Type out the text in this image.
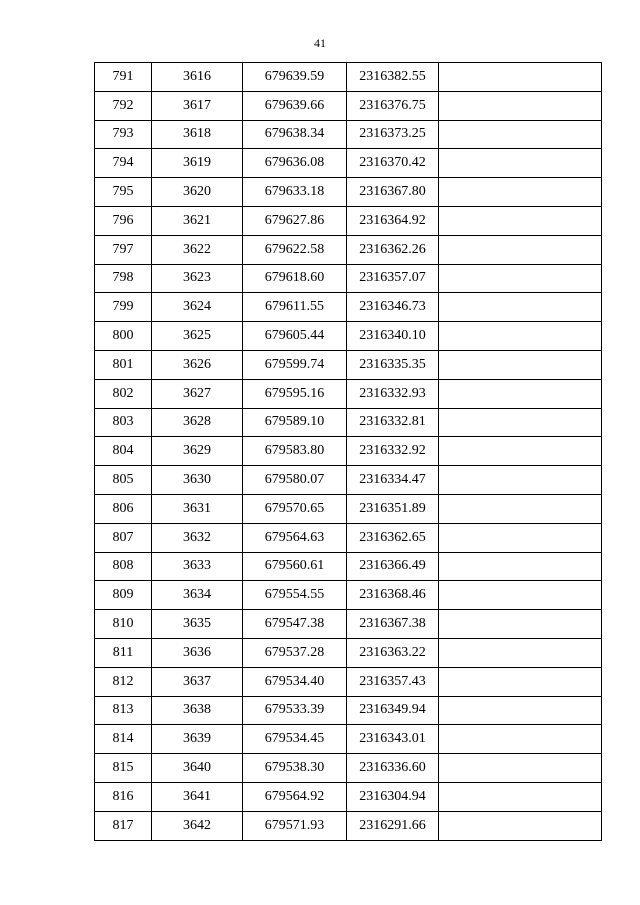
41
791	3616	679639.59	2316382.55	
792	3617	679639.66	2316376.75	
793	3618	679638.34	2316373.25	
794	3619	679636.08	2316370.42	
795	3620	679633.18	2316367.80	
796	3621	679627.86	2316364.92	
797	3622	679622.58	2316362.26	
798	3623	679618.60	2316357.07	
799	3624	679611.55	2316346.73	
800	3625	679605.44	2316340.10	
801	3626	679599.74	2316335.35	
802	3627	679595.16	2316332.93	
803	3628	679589.10	2316332.81	
804	3629	679583.80	2316332.92	
805	3630	679580.07	2316334.47	
806	3631	679570.65	2316351.89	
807	3632	679564.63	2316362.65	
808	3633	679560.61	2316366.49	
809	3634	679554.55	2316368.46	
810	3635	679547.38	2316367.38	
811	3636	679537.28	2316363.22	
812	3637	679534.40	2316357.43	
813	3638	679533.39	2316349.94	
814	3639	679534.45	2316343.01	
815	3640	679538.30	2316336.60	
816	3641	679564.92	2316304.94	
817	3642	679571.93	2316291.66	
